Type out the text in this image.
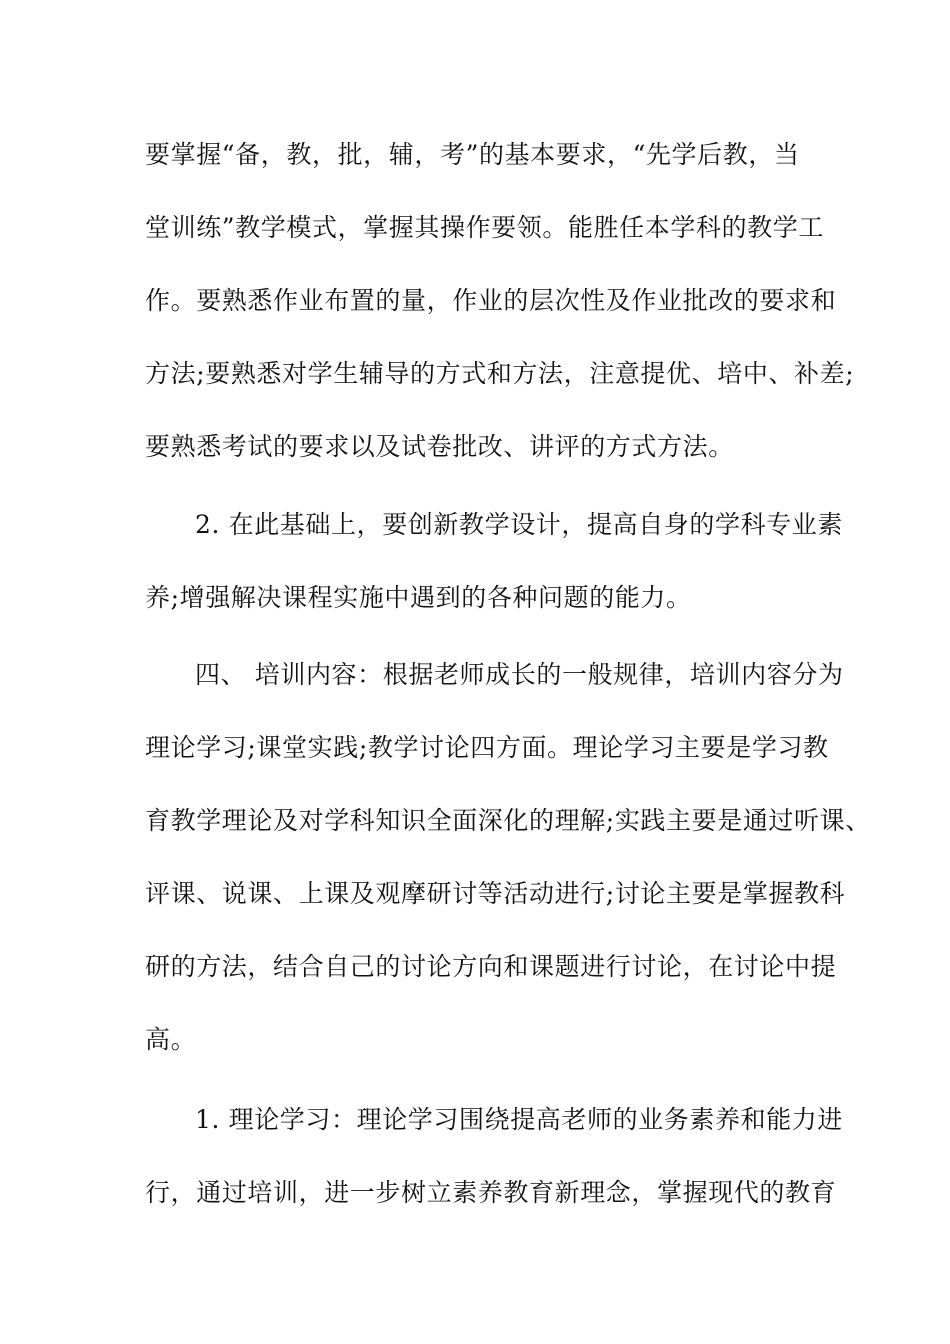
要掌握“备，教，批，辅，考”的基本要求，“先学后教，当
堂训练”教学模式，掌握其操作要领。能胜任本学科的教学工
作。要熟悉作业布置的量，作业的层次性及作业批改的要求和
方法;要熟悉对学生辅导的方式和方法，注意提优、培中、补差;
要熟悉考试的要求以及试卷批改、讲评的方式方法。
2. 在此基础上，要创新教学设计，提高自身的学科专业素
养;增强解决课程实施中遇到的各种问题的能力。
四、 培训内容：根据老师成长的一般规律，培训内容分为
理论学习;课堂实践;教学讨论四方面。理论学习主要是学习教
育教学理论及对学科知识全面深化的理解;实践主要是通过听课、
评课、说课、上课及观摩研讨等活动进行;讨论主要是掌握教科
研的方法，结合自己的讨论方向和课题进行讨论，在讨论中提
高。
1. 理论学习：理论学习围绕提高老师的业务素养和能力进
行，通过培训，进一步树立素养教育新理念，掌握现代的教育
